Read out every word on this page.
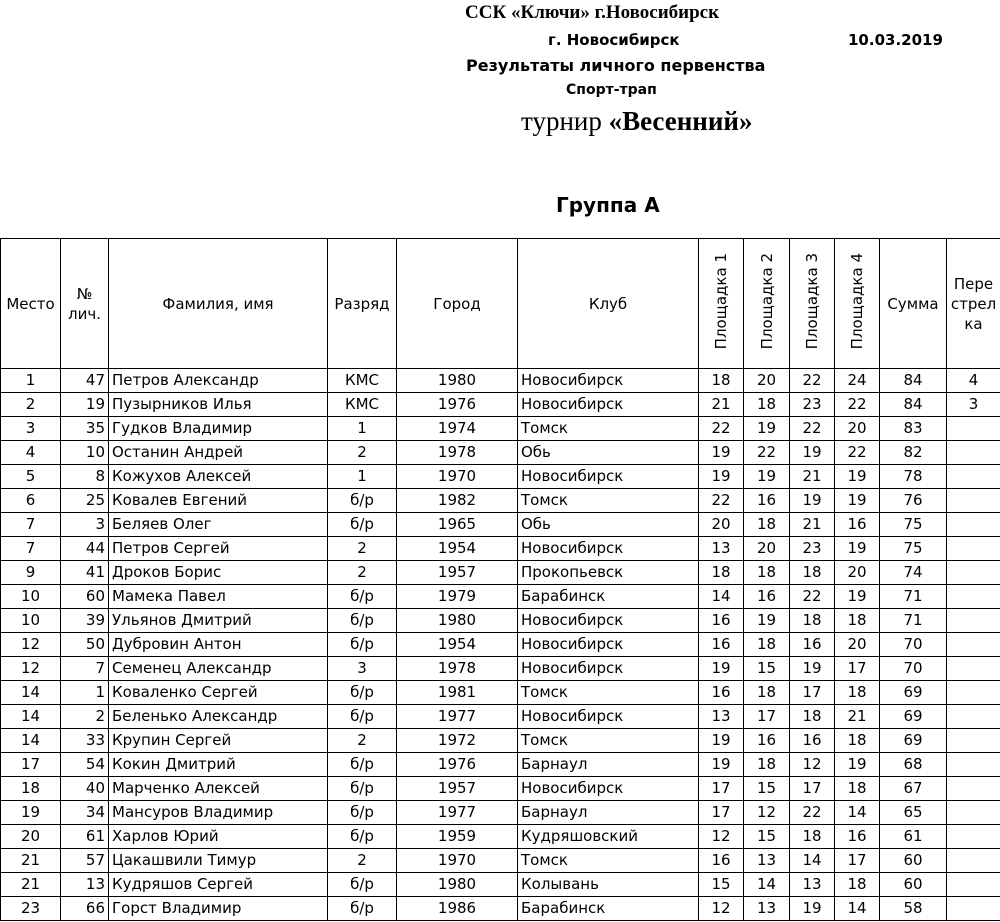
ССК «Ключи» г.Новосибирск
г. Новосибирск	10.03.2019
Результаты личного первенства
Спорт-трап
турнир «Весенний»
Группа А
Место	№ лич.	Фамилия, имя	Разряд	Город	Клуб	Площадка 1	Площадка 2	Площадка 3	Площадка 4	Сумма	Пере стрел ка
1	47	Петров Александр	КМС	1980	Новосибирск	18	20	22	24	84	4
2	19	Пузырников Илья	КМС	1976	Новосибирск	21	18	23	22	84	3
3	35	Гудков Владимир	1	1974	Томск	22	19	22	20	83	
4	10	Останин Андрей	2	1978	Обь	19	22	19	22	82	
5	8	Кожухов Алексей	1	1970	Новосибирск	19	19	21	19	78	
6	25	Ковалев Евгений	б/р	1982	Томск	22	16	19	19	76	
7	3	Беляев Олег	б/р	1965	Обь	20	18	21	16	75	
7	44	Петров Сергей	2	1954	Новосибирск	13	20	23	19	75	
9	41	Дроков Борис	2	1957	Прокопьевск	18	18	18	20	74	
10	60	Мамека Павел	б/р	1979	Барабинск	14	16	22	19	71	
10	39	Ульянов Дмитрий	б/р	1980	Новосибирск	16	19	18	18	71	
12	50	Дубровин Антон	б/р	1954	Новосибирск	16	18	16	20	70	
12	7	Семенец Александр	3	1978	Новосибирск	19	15	19	17	70	
14	1	Коваленко Сергей	б/р	1981	Томск	16	18	17	18	69	
14	2	Беленько Александр	б/р	1977	Новосибирск	13	17	18	21	69	
14	33	Крупин Сергей	2	1972	Томск	19	16	16	18	69	
17	54	Кокин Дмитрий	б/р	1976	Барнаул	19	18	12	19	68	
18	40	Марченко Алексей	б/р	1957	Новосибирск	17	15	17	18	67	
19	34	Мансуров Владимир	б/р	1977	Барнаул	17	12	22	14	65	
20	61	Харлов Юрий	б/р	1959	Кудряшовский	12	15	18	16	61	
21	57	Цакашвили Тимур	2	1970	Томск	16	13	14	17	60	
21	13	Кудряшов Сергей	б/р	1980	Колывань	15	14	13	18	60	
23	66	Горст Владимир	б/р	1986	Барабинск	12	13	19	14	58	
